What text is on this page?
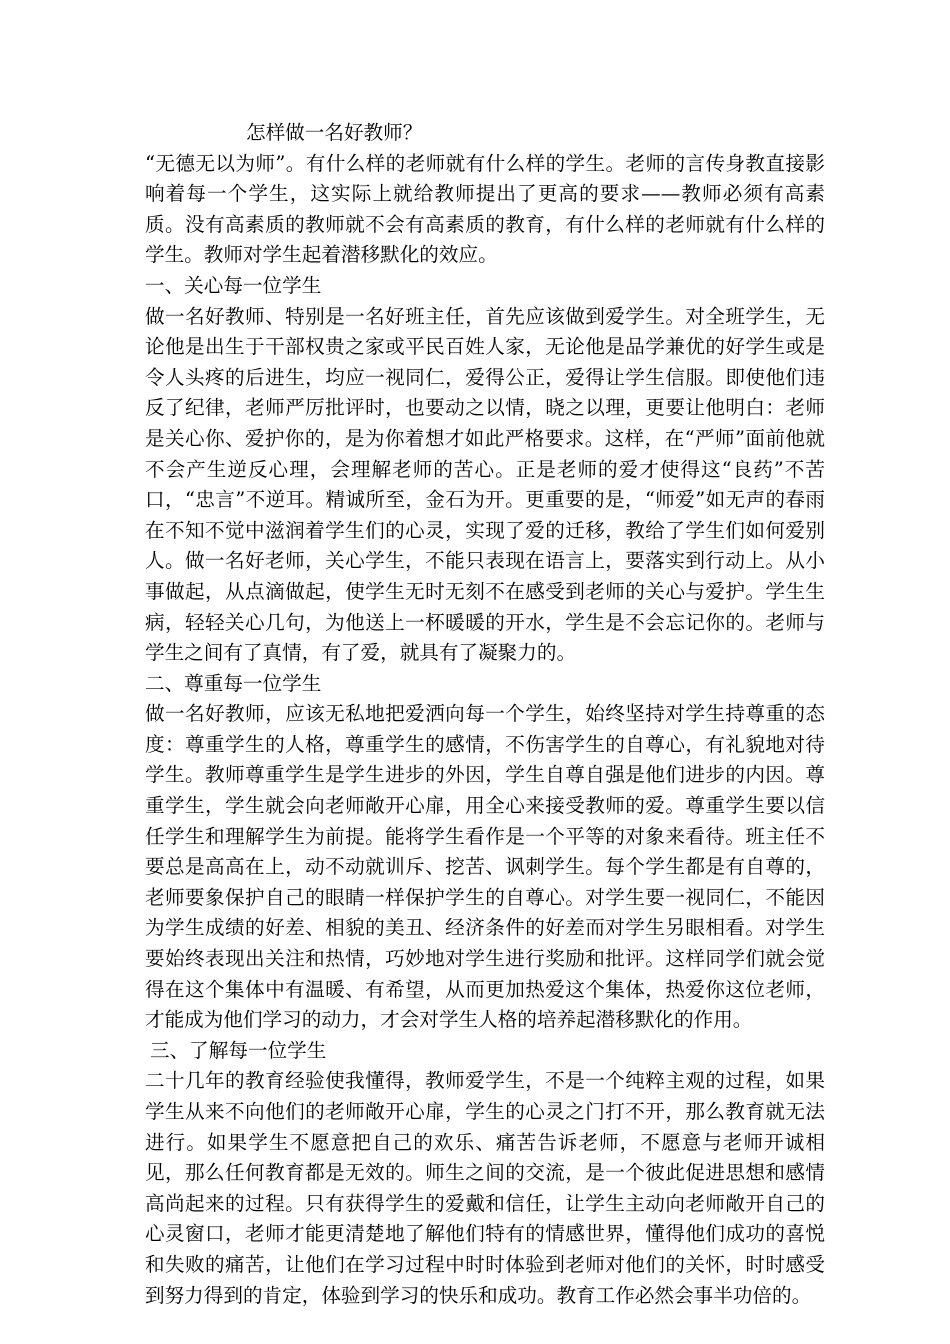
怎样做一名好教师？

“无德无以为师”。有什么样的老师就有什么样的学生。老师的言传身教直接影响着每一个学生，这实际上就给教师提出了更高的要求——教师必须有高素质。没有高素质的教师就不会有高素质的教育，有什么样的老师就有什么样的学生。教师对学生起着潜移默化的效应。

一、关心每一位学生

做一名好教师、特别是一名好班主任，首先应该做到爱学生。对全班学生，无论他是出生于干部权贵之家或平民百姓人家，无论他是品学兼优的好学生或是令人头疼的后进生，均应一视同仁，爱得公正，爱得让学生信服。即使他们违反了纪律，老师严厉批评时，也要动之以情，晓之以理，更要让他明白：老师是关心你、爱护你的，是为你着想才如此严格要求。这样，在“严师”面前他就不会产生逆反心理，会理解老师的苦心。正是老师的爱才使得这“良药”不苦口，“忠言”不逆耳。精诚所至，金石为开。更重要的是，“师爱”如无声的春雨在不知不觉中滋润着学生们的心灵，实现了爱的迁移，教给了学生们如何爱别人。做一名好老师，关心学生，不能只表现在语言上，要落实到行动上。从小事做起，从点滴做起，使学生无时无刻不在感受到老师的关心与爱护。学生生病，轻轻关心几句，为他送上一杯暖暖的开水，学生是不会忘记你的。老师与学生之间有了真情，有了爱，就具有了凝聚力的。

二、尊重每一位学生

做一名好教师，应该无私地把爱洒向每一个学生，始终坚持对学生持尊重的态度：尊重学生的人格，尊重学生的感情，不伤害学生的自尊心，有礼貌地对待学生。教师尊重学生是学生进步的外因，学生自尊自强是他们进步的内因。尊重学生，学生就会向老师敞开心扉，用全心来接受教师的爱。尊重学生要以信任学生和理解学生为前提。能将学生看作是一个平等的对象来看待。班主任不要总是高高在上，动不动就训斥、挖苦、讽刺学生。每个学生都是有自尊的，老师要象保护自己的眼睛一样保护学生的自尊心。对学生要一视同仁，不能因为学生成绩的好差、相貌的美丑、经济条件的好差而对学生另眼相看。对学生要始终表现出关注和热情，巧妙地对学生进行奖励和批评。这样同学们就会觉得在这个集体中有温暖、有希望，从而更加热爱这个集体，热爱你这位老师，才能成为他们学习的动力，才会对学生人格的培养起潜移默化的作用。

三、了解每一位学生

二十几年的教育经验使我懂得，教师爱学生，不是一个纯粹主观的过程，如果学生从来不向他们的老师敞开心扉，学生的心灵之门打不开，那么教育就无法进行。如果学生不愿意把自己的欢乐、痛苦告诉老师，不愿意与老师开诚相见，那么任何教育都是无效的。师生之间的交流，是一个彼此促进思想和感情高尚起来的过程。只有获得学生的爱戴和信任，让学生主动向老师敞开自己的心灵窗口，老师才能更清楚地了解他们特有的情感世界，懂得他们成功的喜悦和失败的痛苦，让他们在学习过程中时时体验到老师对他们的关怀，时时感受到努力得到的肯定，体验到学习的快乐和成功。教育工作必然会事半功倍的。
